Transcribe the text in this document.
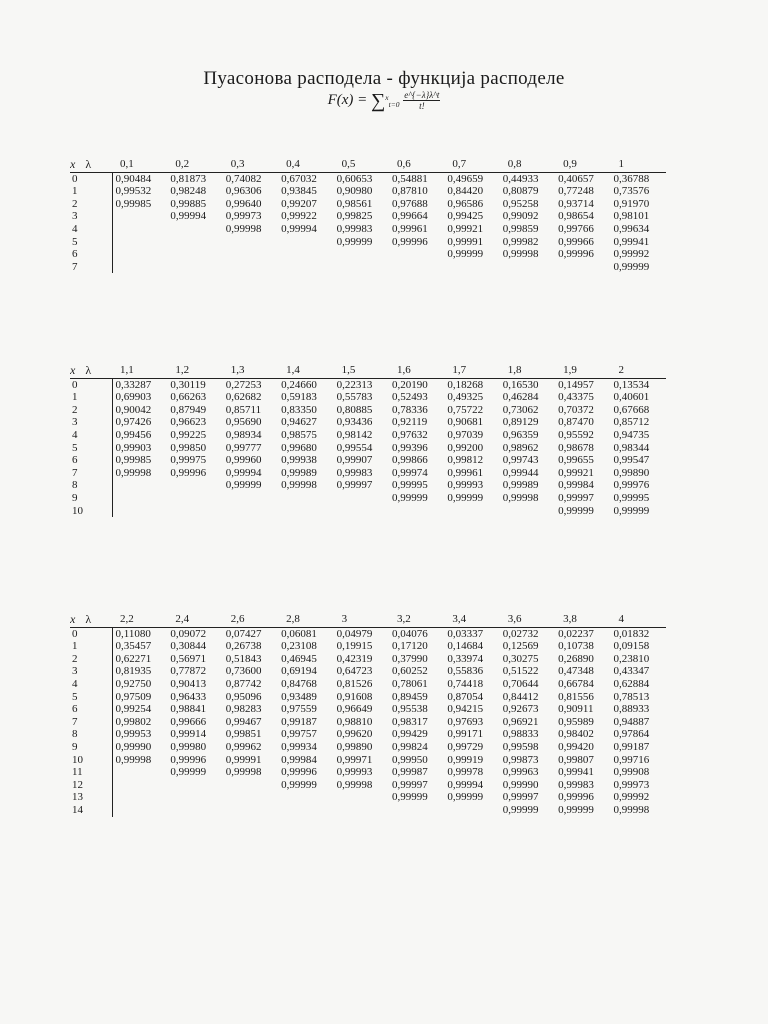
Пуасонова расподела - функција расподеле
$F(x) = \sum^x_{t=0} \frac{e\^{}\{-\lambda\}\lambda\^{}t}{t!}$
x λ	0,1	0,2	0,3	0,4	0,5	0,6	0,7	0,8	0,9	1
0	0,90484	0,81873	0,74082	0,67032	0,60653	0,54881	0,49659	0,44933	0,40657	0,36788
1	0,99532	0,98248	0,96306	0,93845	0,90980	0,87810	0,84420	0,80879	0,77248	0,73576
2	0,99985	0,99885	0,99640	0,99207	0,98561	0,97688	0,96586	0,95258	0,93714	0,91970
3		0,99994	0,99973	0,99922	0,99825	0,99664	0,99425	0,99092	0,98654	0,98101
4			0,99998	0,99994	0,99983	0,99961	0,99921	0,99859	0,99766	0,99634
5					0,99999	0,99996	0,99991	0,99982	0,99966	0,99941
6							0,99999	0,99998	0,99996	0,99992
7										0,99999
x λ	1,1	1,2	1,3	1,4	1,5	1,6	1,7	1,8	1,9	2
0	0,33287	0,30119	0,27253	0,24660	0,22313	0,20190	0,18268	0,16530	0,14957	0,13534
1	0,69903	0,66263	0,62682	0,59183	0,55783	0,52493	0,49325	0,46284	0,43375	0,40601
2	0,90042	0,87949	0,85711	0,83350	0,80885	0,78336	0,75722	0,73062	0,70372	0,67668
3	0,97426	0,96623	0,95690	0,94627	0,93436	0,92119	0,90681	0,89129	0,87470	0,85712
4	0,99456	0,99225	0,98934	0,98575	0,98142	0,97632	0,97039	0,96359	0,95592	0,94735
5	0,99903	0,99850	0,99777	0,99680	0,99554	0,99396	0,99200	0,98962	0,98678	0,98344
6	0,99985	0,99975	0,99960	0,99938	0,99907	0,99866	0,99812	0,99743	0,99655	0,99547
7	0,99998	0,99996	0,99994	0,99989	0,99983	0,99974	0,99961	0,99944	0,99921	0,99890
8			0,99999	0,99998	0,99997	0,99995	0,99993	0,99989	0,99984	0,99976
9						0,99999	0,99999	0,99998	0,99997	0,99995
10									0,99999	0,99999
x λ	2,2	2,4	2,6	2,8	3	3,2	3,4	3,6	3,8	4
0	0,11080	0,09072	0,07427	0,06081	0,04979	0,04076	0,03337	0,02732	0,02237	0,01832
1	0,35457	0,30844	0,26738	0,23108	0,19915	0,17120	0,14684	0,12569	0,10738	0,09158
2	0,62271	0,56971	0,51843	0,46945	0,42319	0,37990	0,33974	0,30275	0,26890	0,23810
3	0,81935	0,77872	0,73600	0,69194	0,64723	0,60252	0,55836	0,51522	0,47348	0,43347
4	0,92750	0,90413	0,87742	0,84768	0,81526	0,78061	0,74418	0,70644	0,66784	0,62884
5	0,97509	0,96433	0,95096	0,93489	0,91608	0,89459	0,87054	0,84412	0,81556	0,78513
6	0,99254	0,98841	0,98283	0,97559	0,96649	0,95538	0,94215	0,92673	0,90911	0,88933
7	0,99802	0,99666	0,99467	0,99187	0,98810	0,98317	0,97693	0,96921	0,95989	0,94887
8	0,99953	0,99914	0,99851	0,99757	0,99620	0,99429	0,99171	0,98833	0,98402	0,97864
9	0,99990	0,99980	0,99962	0,99934	0,99890	0,99824	0,99729	0,99598	0,99420	0,99187
10	0,99998	0,99996	0,99991	0,99984	0,99971	0,99950	0,99919	0,99873	0,99807	0,99716
11		0,99999	0,99998	0,99996	0,99993	0,99987	0,99978	0,99963	0,99941	0,99908
12				0,99999	0,99998	0,99997	0,99994	0,99990	0,99983	0,99973
13						0,99999	0,99999	0,99997	0,99996	0,99992
14								0,99999	0,99999	0,99998
